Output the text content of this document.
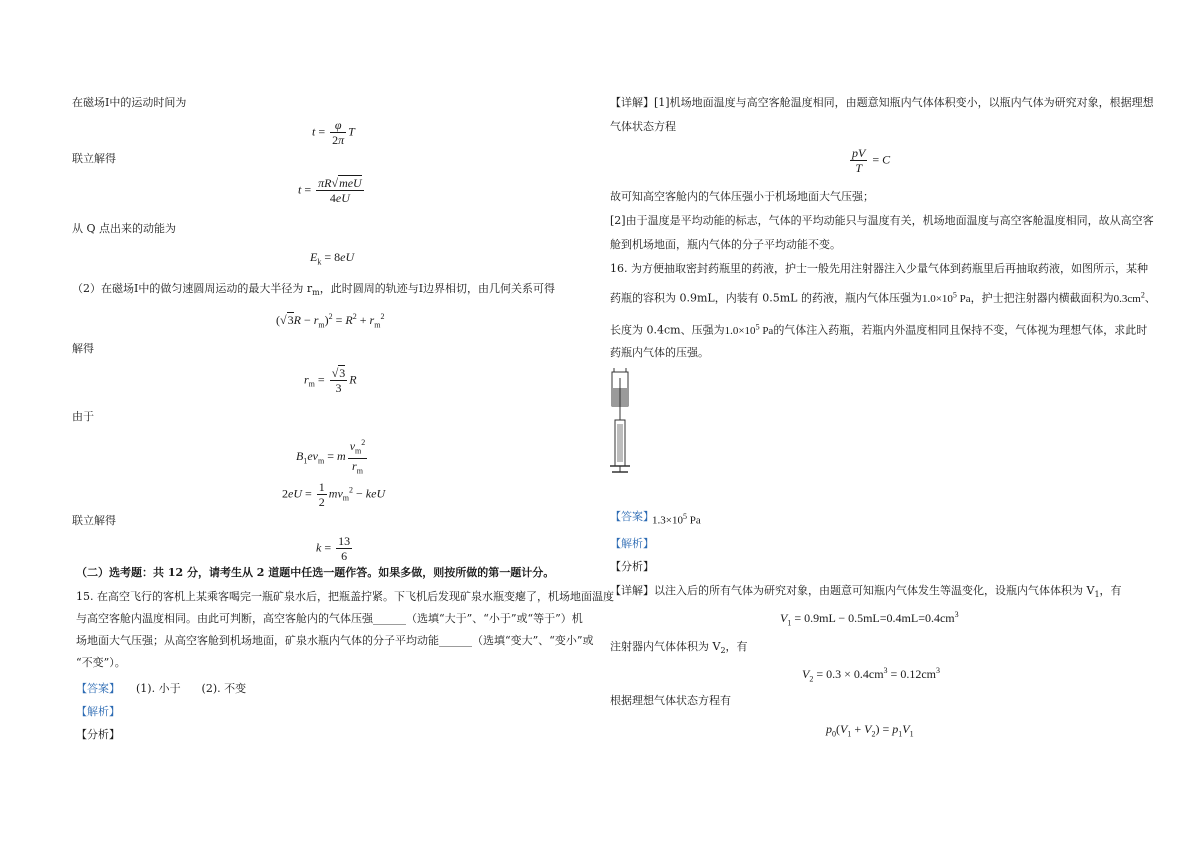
在磁场Ⅰ中的运动时间为
$t = \frac{\varphi}{2\pi}$ T
联立解得
$t = \frac{\text{πR√meU}}{4eU}$
从 Q 点出来的动能为
$E_k = 8eU$
（2）在磁场Ⅰ中的做匀速圆周运动的最大半径为 $r_m$，此时圆周的轨迹与Ⅰ边界相切，由几何关系可得
$(√3R - r_m)^2 = R^2 + r_m^2$
解得
$r_m = \frac{√3}{3}$ R
由于
$B_1ev_m = m \frac{v_m^2}{r_m}$
$2eU = \frac{1}{2} mv_m^2$ − keU
联立解得
$k = \frac{13}{6}$
（二）选考题：共 12 分，请考生从 2 道题中任选一题作答。如果多做，则按所做的第一题计分。
15. 在高空飞行的客机上某乘客喝完一瓶矿泉水后，把瓶盖拧紧。下飞机后发现矿泉水瓶变瘪了，机场地面温度
与高空客舱内温度相同。由此可判断，高空客舱内的气体压强______（选填“大于”、“小于”或“等于”）机
场地面大气压强；从高空客舱到机场地面，矿泉水瓶内气体的分子平均动能______（选填“变大”、“变小”或
“不变”）。
【答案】 (1). 小于      (2). 不变
【解析】
【分析】
【详解】[1]机场地面温度与高空客舱温度相同，由题意知瓶内气体体积变小，以瓶内气体为研究对象，根据理想
气体状态方程
$\frac{pV}{T} = C$
故可知高空客舱内的气体压强小于机场地面大气压强；
[2]由于温度是平均动能的标志，气体的平均动能只与温度有关，机场地面温度与高空客舱温度相同，故从高空客
舱到机场地面，瓶内气体的分子平均动能不变。
16. 为方便抽取密封药瓶里的药液，护士一般先用注射器注入少量气体到药瓶里后再抽取药液，如图所示，某种
药瓶的容积为 0.9mL，内装有 0.5mL 的药液，瓶内气体压强为$1.0\times 10^5$ Pa，护士把注射器内横截面积为$0.3cm^2$、
长度为 0.4cm、压强为$1.0\times 10^5$ Pa的气体注入药瓶，若瓶内外温度相同且保持不变，气体视为理想气体，求此时
药瓶内气体的压强。
【答案】
$1.3\times 10^5$ Pa
【解析】
【分析】
【详解】以注入后的所有气体为研究对象，由题意可知瓶内气体发生等温变化，设瓶内气体体积为 $V_1$，有
$V_1 = 0.9mL - 0.5mL=0.4mL=0.4cm^3$
注射器内气体体积为 $V_2$，有
$V_2 = 0.3 \times 0.4cm^3 = 0.12cm^3$
根据理想气体状态方程有
$p_0(V_1 + V_2) = p_1V_1$
